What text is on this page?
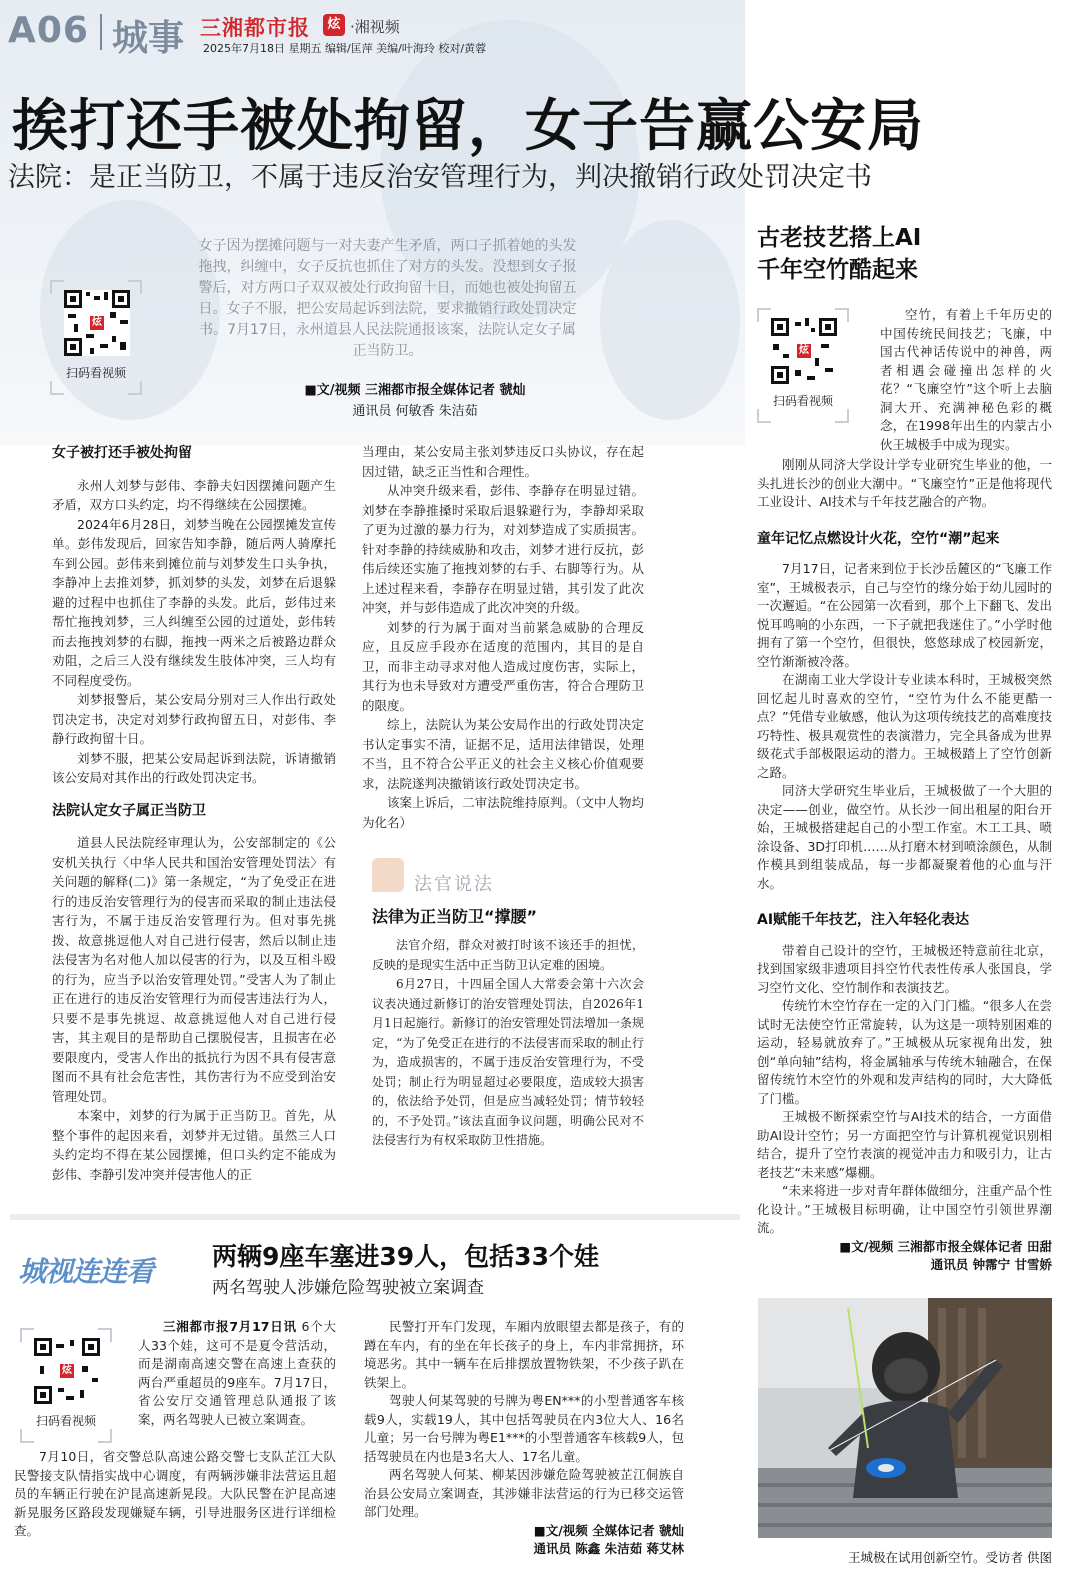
A06 城事 三湘都市报	炫 ·湘视频
2025年7月18日 星期五 编辑/匡萍 美编/叶海玲 校对/黄蓉
挨打还手被处拘留，女子告赢公安局
法院：是正当防卫，不属于违反治安管理行为，判决撤销行政处罚决定书
炫
扫码看视频
女子因为摆摊问题与一对夫妻产生矛盾，两口子抓着她的头发拖拽，纠缠中，女子反抗也抓住了对方的头发。没想到女子报警后，对方两口子双双被处行政拘留十日，而她也被处拘留五日。女子不服，把公安局起诉到法院，要求撤销行政处罚决定书。7月17日，永州道县人民法院通报该案，法院认定女子属正当防卫。
■文/视频 三湘都市报全媒体记者 虢灿
通讯员 何敏香 朱洁茹
女子被打还手被处拘留

永州人刘梦与彭伟、李静夫妇因摆摊问题产生矛盾，双方口头约定，均不得继续在公园摆摊。

2024年6月28日，刘梦当晚在公园摆摊发宣传单。彭伟发现后，回家告知李静，随后两人骑摩托车到公园。彭伟来到摊位前与刘梦发生口头争执，李静冲上去推刘梦，抓刘梦的头发，刘梦在后退躲避的过程中也抓住了李静的头发。此后，彭伟过来帮忙拖拽刘梦，三人纠缠至公园的过道处，彭伟转而去拖拽刘梦的右脚，拖拽一两米之后被路边群众劝阻，之后三人没有继续发生肢体冲突，三人均有不同程度受伤。

刘梦报警后，某公安局分别对三人作出行政处罚决定书，决定对刘梦行政拘留五日，对彭伟、李静行政拘留十日。

刘梦不服，把某公安局起诉到法院，诉请撤销该公安局对其作出的行政处罚决定书。

法院认定女子属正当防卫

道县人民法院经审理认为，公安部制定的《公安机关执行〈中华人民共和国治安管理处罚法〉有关问题的解释(二)》第一条规定，“为了免受正在进行的违反治安管理行为的侵害而采取的制止违法侵害行为，不属于违反治安管理行为。但对事先挑拨、故意挑逗他人对自己进行侵害，然后以制止违法侵害为名对他人加以侵害的行为，以及互相斗殴的行为，应当予以治安管理处罚。”受害人为了制止正在进行的违反治安管理行为而侵害违法行为人，只要不是事先挑逗、故意挑逗他人对自己进行侵害，其主观目的是帮助自己摆脱侵害，且损害在必要限度内，受害人作出的抵抗行为因不具有侵害意图而不具有社会危害性，其伤害行为不应受到治安管理处罚。

本案中，刘梦的行为属于正当防卫。首先，从整个事件的起因来看，刘梦并无过错。虽然三人口头约定均不得在某公园摆摊，但口头约定不能成为彭伟、李静引发冲突并侵害他人的正

当理由，某公安局主张刘梦违反口头协议，存在起因过错，缺乏正当性和合理性。

从冲突升级来看，彭伟、李静存在明显过错。刘梦在李静推搡时采取后退躲避行为，李静却采取了更为过激的暴力行为，对刘梦造成了实质损害。针对李静的持续威胁和攻击，刘梦才进行反抗，彭伟后续还实施了拖拽刘梦的右手、右脚等行为。从上述过程来看，李静存在明显过错，其引发了此次冲突，并与彭伟造成了此次冲突的升级。

刘梦的行为属于面对当前紧急威胁的合理反应，且反应手段亦在适度的范围内，其目的是自卫，而非主动寻求对他人造成过度伤害，实际上，其行为也未导致对方遭受严重伤害，符合合理防卫的限度。

综上，法院认为某公安局作出的行政处罚决定书认定事实不清，证据不足，适用法律错误，处理不当，且不符合公平正义的社会主义核心价值观要求，法院遂判决撤销该行政处罚决定书。

该案上诉后，二审法院维持原判。（文中人物均为化名）

法官说法
法律为正当防卫“撑腰”

法官介绍，群众对被打时该不该还手的担忧，反映的是现实生活中正当防卫认定难的困境。

6月27日，十四届全国人大常委会第十六次会议表决通过新修订的治安管理处罚法，自2026年1月1日起施行。新修订的治安管理处罚法增加一条规定，“为了免受正在进行的不法侵害而采取的制止行为，造成损害的，不属于违反治安管理行为，不受处罚；制止行为明显超过必要限度，造成较大损害的，依法给予处罚，但是应当减轻处罚；情节较轻的，不予处罚。”该法直面争议问题，明确公民对不法侵害行为有权采取防卫性措施。

古老技艺搭上AI
千年空竹酷起来
炫
扫码看视频

空竹，有着上千年历史的中国传统民间技艺；飞廉，中国古代神话传说中的神兽，两者相遇会碰撞出怎样的火花？“飞廉空竹”这个听上去脑洞大开、充满神秘色彩的概念，在1998年出生的内蒙古小伙王城极手中成为现实。

刚刚从同济大学设计学专业研究生毕业的他，一头扎进长沙的创业大潮中。“飞廉空竹”正是他将现代工业设计、AI技术与千年技艺融合的产物。

童年记忆点燃设计火花，空竹“潮”起来

7月17日，记者来到位于长沙岳麓区的“飞廉工作室”，王城极表示，自己与空竹的缘分始于幼儿园时的一次邂逅。“在公园第一次看到，那个上下翻飞、发出悦耳鸣响的小东西，一下子就把我迷住了。”小学时他拥有了第一个空竹，但很快，悠悠球成了校园新宠，空竹渐渐被冷落。

在湖南工业大学设计专业读本科时，王城极突然回忆起儿时喜欢的空竹，“空竹为什么不能更酷一点？”凭借专业敏感，他认为这项传统技艺的高难度技巧特性、极具观赏性的表演潜力，完全具备成为世界级花式手部极限运动的潜力。王城极踏上了空竹创新之路。

同济大学研究生毕业后，王城极做了一个大胆的决定——创业，做空竹。从长沙一间出租屋的阳台开始，王城极搭建起自己的小型工作室。木工工具、喷涂设备、3D打印机……从打磨木材到喷涂颜色，从制作模具到组装成品，每一步都凝聚着他的心血与汗水。

AI赋能千年技艺，注入年轻化表达

带着自己设计的空竹，王城极还特意前往北京，找到国家级非遗项目抖空竹代表性传承人张国良，学习空竹文化、空竹制作和表演技艺。

传统竹木空竹存在一定的入门门槛。“很多人在尝试时无法使空竹正常旋转，认为这是一项特别困难的运动，轻易就放弃了。”王城极从玩家视角出发，独创“单向轴”结构，将金属轴承与传统木轴融合，在保留传统竹木空竹的外观和发声结构的同时，大大降低了门槛。

王城极不断探索空竹与AI技术的结合，一方面借助AI设计空竹；另一方面把空竹与计算机视觉识别相结合，提升了空竹表演的视觉冲击力和吸引力，让古老技艺“未来感”爆棚。

“未来将进一步对青年群体做细分，注重产品个性化设计。”王城极目标明确，让中国空竹引领世界潮流。

■文/视频 三湘都市报全媒体记者 田甜
通讯员 钟霈宁 甘雪娇
王城极在试用创新空竹。受访者 供图
城视连连看 两辆9座车塞进39人，包括33个娃
两名驾驶人涉嫌危险驾驶被立案调查
炫
扫码看视频

三湘都市报7月17日讯 6个大人33个娃，这可不是夏令营活动，而是湖南高速交警在高速上查获的两台严重超员的9座车。7月17日，省公安厅交通管理总队通报了该案，两名驾驶人已被立案调查。

7月10日，省交警总队高速公路交警七支队芷江大队民警接支队情指实战中心调度，有两辆涉嫌非法营运且超员的车辆正行驶在沪昆高速新晃段。大队民警在沪昆高速新晃服务区路段发现嫌疑车辆，引导进服务区进行详细检查。

民警打开车门发现，车厢内放眼望去都是孩子，有的蹲在车内，有的坐在年长孩子的身上，车内非常拥挤，环境恶劣。其中一辆车在后排摆放置物铁架，不少孩子趴在铁架上。

驾驶人何某驾驶的号牌为粤EN***的小型普通客车核载9人，实载19人，其中包括驾驶员在内3位大人、16名儿童；另一台号牌为粤E1***的小型普通客车核载9人，包括驾驶员在内也是3名大人、17名儿童。

两名驾驶人何某、柳某因涉嫌危险驾驶被芷江侗族自治县公安局立案调查，其涉嫌非法营运的行为已移交运管部门处理。

■文/视频 全媒体记者 虢灿
通讯员 陈鑫 朱洁茹 蒋艾林
